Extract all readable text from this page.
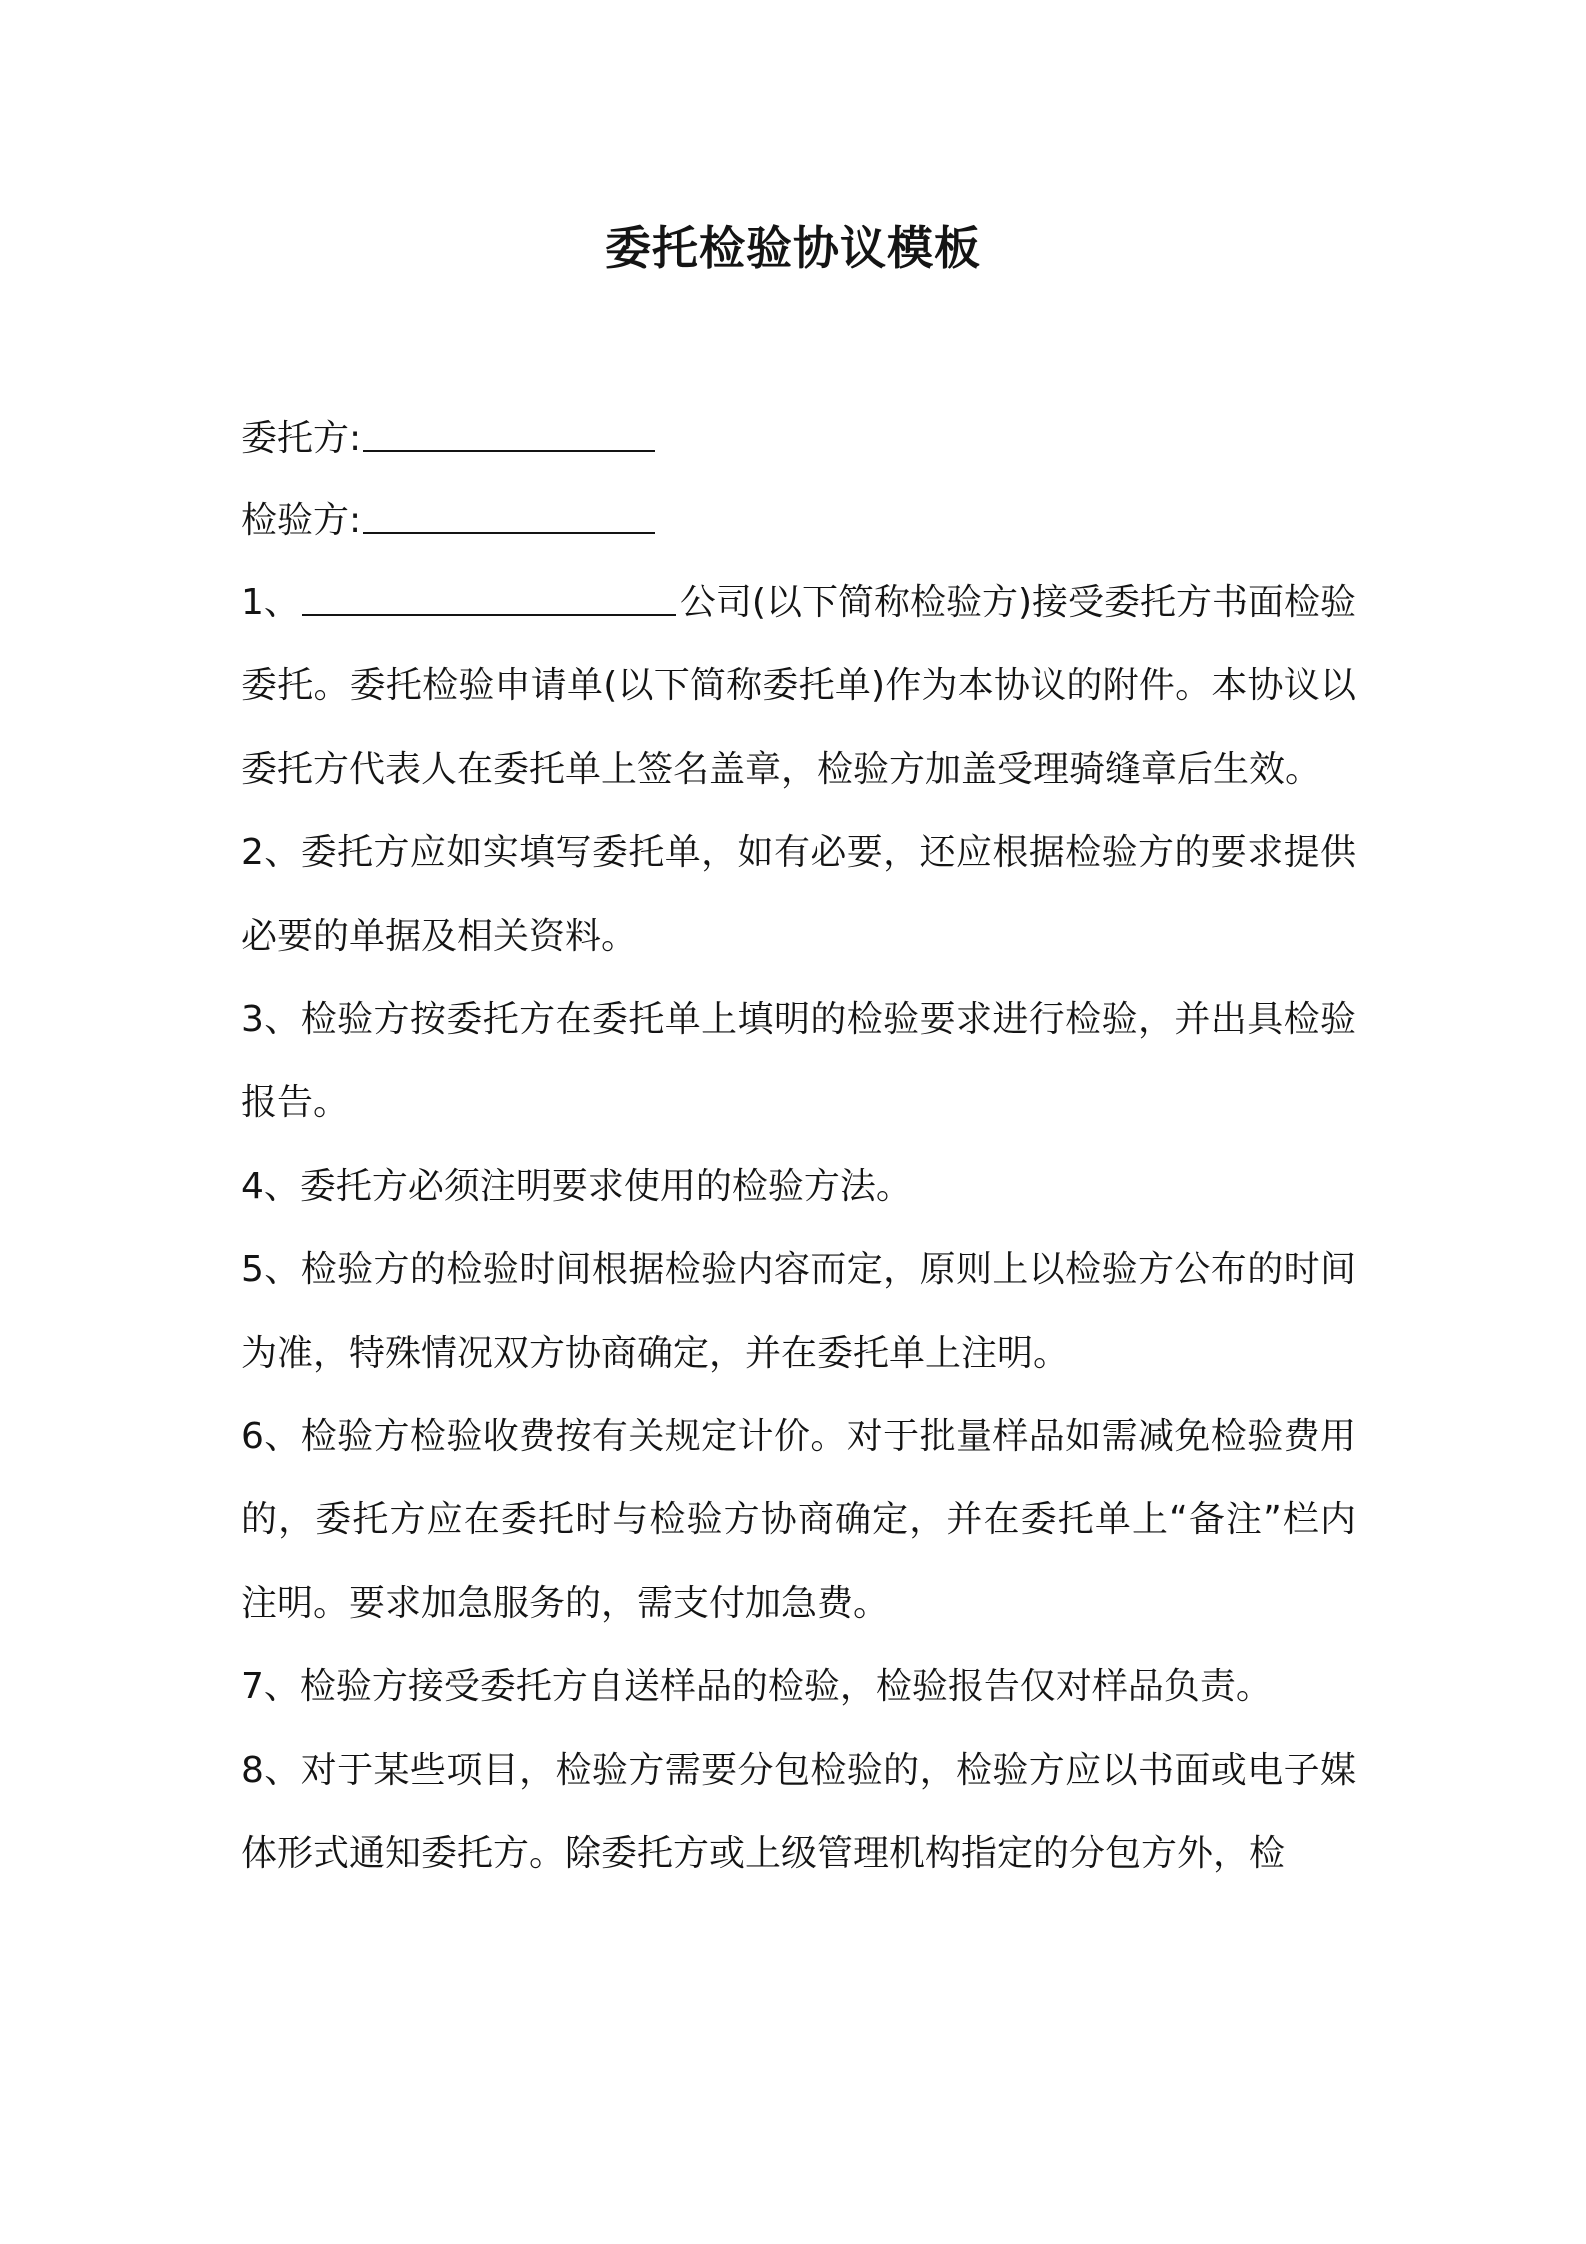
委托检验协议模板
委托方:
检验方:

1、	公司(以下简称检验方)接受委托方书面检验委托。委托检验申请单(以下简称委托单)作为本协议的附件。本协议以委托方代表人在委托单上签名盖章，检验方加盖受理骑缝章后生效。

2、委托方应如实填写委托单，如有必要，还应根据检验方的要求提供必要的单据及相关资料。

3、检验方按委托方在委托单上填明的检验要求进行检验，并出具检验报告。

4、委托方必须注明要求使用的检验方法。

5、检验方的检验时间根据检验内容而定，原则上以检验方公布的时间为准，特殊情况双方协商确定，并在委托单上注明。

6、检验方检验收费按有关规定计价。对于批量样品如需减免检验费用的，委托方应在委托时与检验方协商确定，并在委托单上“备注”栏内注明。要求加急服务的，需支付加急费。

7、检验方接受委托方自送样品的检验，检验报告仅对样品负责。

8、对于某些项目，检验方需要分包检验的，检验方应以书面或电子媒体形式通知委托方。除委托方或上级管理机构指定的分包方外，检
